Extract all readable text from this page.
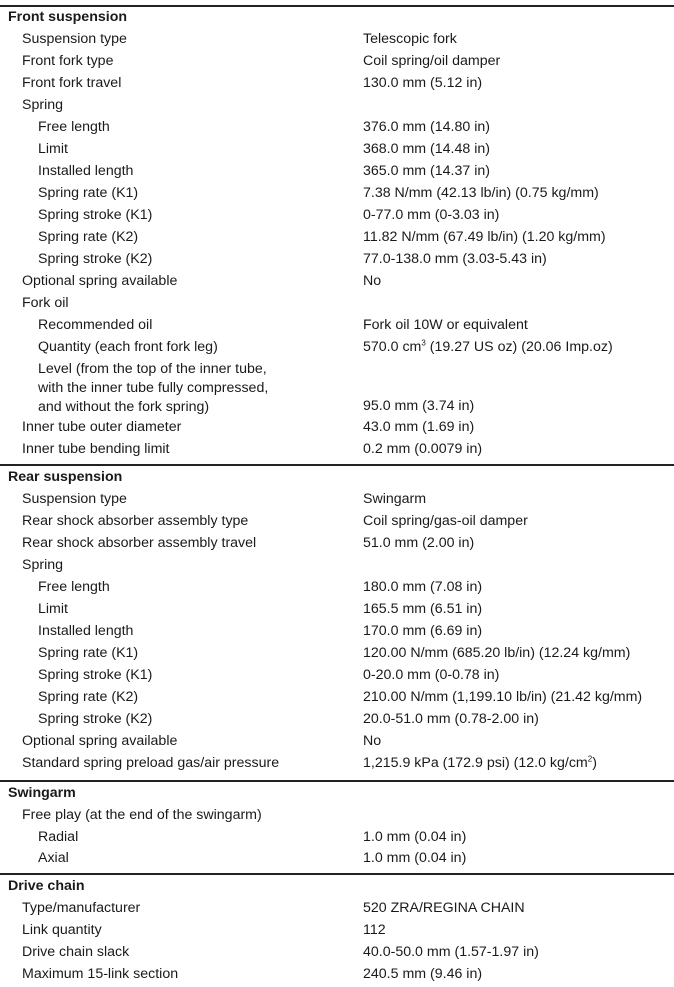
Front suspension
Suspension type	Telescopic fork
Front fork type	Coil spring/oil damper
Front fork travel	130.0 mm (5.12 in)
Spring
Free length	376.0 mm (14.80 in)
Limit	368.0 mm (14.48 in)
Installed length	365.0 mm (14.37 in)
Spring rate (K1)	7.38 N/mm (42.13 lb/in) (0.75 kg/mm)
Spring stroke (K1)	0-77.0 mm (0-3.03 in)
Spring rate (K2)	11.82 N/mm (67.49 lb/in) (1.20 kg/mm)
Spring stroke (K2)	77.0-138.0 mm (3.03-5.43 in)
Optional spring available	No
Fork oil
Recommended oil	Fork oil 10W or equivalent
Quantity (each front fork leg)	570.0 $cm^3$ (19.27 US oz) (20.06 Imp.oz)
Level (from the top of the inner tube,
with the inner tube fully compressed,
and without the fork spring)	95.0 mm (3.74 in)
Inner tube outer diameter	43.0 mm (1.69 in)
Inner tube bending limit	0.2 mm (0.0079 in)
Rear suspension
Suspension type	Swingarm
Rear shock absorber assembly type	Coil spring/gas-oil damper
Rear shock absorber assembly travel	51.0 mm (2.00 in)
Spring
Free length	180.0 mm (7.08 in)
Limit	165.5 mm (6.51 in)
Installed length	170.0 mm (6.69 in)
Spring rate (K1)	120.00 N/mm (685.20 lb/in) (12.24 kg/mm)
Spring stroke (K1)	0-20.0 mm (0-0.78 in)
Spring rate (K2)	210.00 N/mm (1,199.10 lb/in) (21.42 kg/mm)
Spring stroke (K2)	20.0-51.0 mm (0.78-2.00 in)
Optional spring available	No
Standard spring preload gas/air pressure	1,215.9 kPa (172.9 psi) (12.0 $kg/cm^2$)
Swingarm
Free play (at the end of the swingarm)
Radial	1.0 mm (0.04 in)
Axial	1.0 mm (0.04 in)
Drive chain
Type/manufacturer	520 ZRA/REGINA CHAIN
Link quantity	112
Drive chain slack	40.0-50.0 mm (1.57-1.97 in)
Maximum 15-link section	240.5 mm (9.46 in)
